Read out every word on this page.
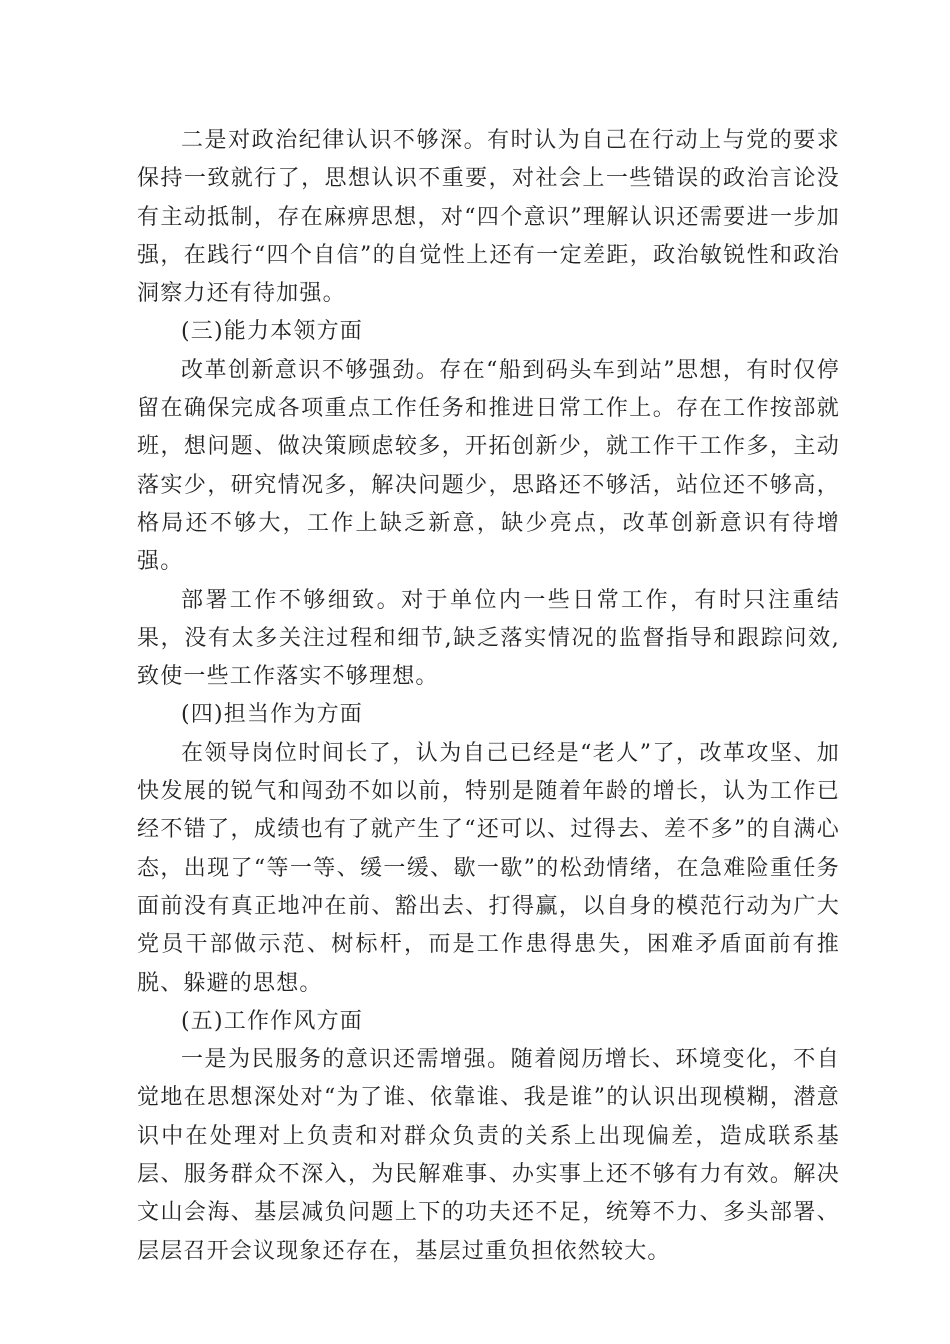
二是对政治纪律认识不够深。有时认为自己在行动上与党的要求保持一致就行了，思想认识不重要，对社会上一些错误的政治言论没有主动抵制，存在麻痹思想，对“四个意识”理解认识还需要进一步加强，在践行“四个自信”的自觉性上还有一定差距，政治敏锐性和政治洞察力还有待加强。

(三)能力本领方面

改革创新意识不够强劲。存在“船到码头车到站”思想，有时仅停留在确保完成各项重点工作任务和推进日常工作上。存在工作按部就班，想问题、做决策顾虑较多，开拓创新少，就工作干工作多，主动落实少，研究情况多，解决问题少，思路还不够活，站位还不够高，格局还不够大，工作上缺乏新意，缺少亮点，改革创新意识有待增强。

部署工作不够细致。对于单位内一些日常工作，有时只注重结果，没有太多关注过程和细节,缺乏落实情况的监督指导和跟踪问效,致使一些工作落实不够理想。

(四)担当作为方面

在领导岗位时间长了，认为自己已经是“老人”了，改革攻坚、加快发展的锐气和闯劲不如以前，特别是随着年龄的增长，认为工作已经不错了，成绩也有了就产生了“还可以、过得去、差不多”的自满心态，出现了“等一等、缓一缓、歇一歇”的松劲情绪，在急难险重任务面前没有真正地冲在前、豁出去、打得赢，以自身的模范行动为广大党员干部做示范、树标杆，而是工作患得患失，困难矛盾面前有推脱、躲避的思想。

(五)工作作风方面

一是为民服务的意识还需增强。随着阅历增长、环境变化，不自觉地在思想深处对“为了谁、依靠谁、我是谁”的认识出现模糊，潜意识中在处理对上负责和对群众负责的关系上出现偏差，造成联系基层、服务群众不深入，为民解难事、办实事上还不够有力有效。解决文山会海、基层减负问题上下的功夫还不足，统筹不力、多头部署、层层召开会议现象还存在，基层过重负担依然较大。
